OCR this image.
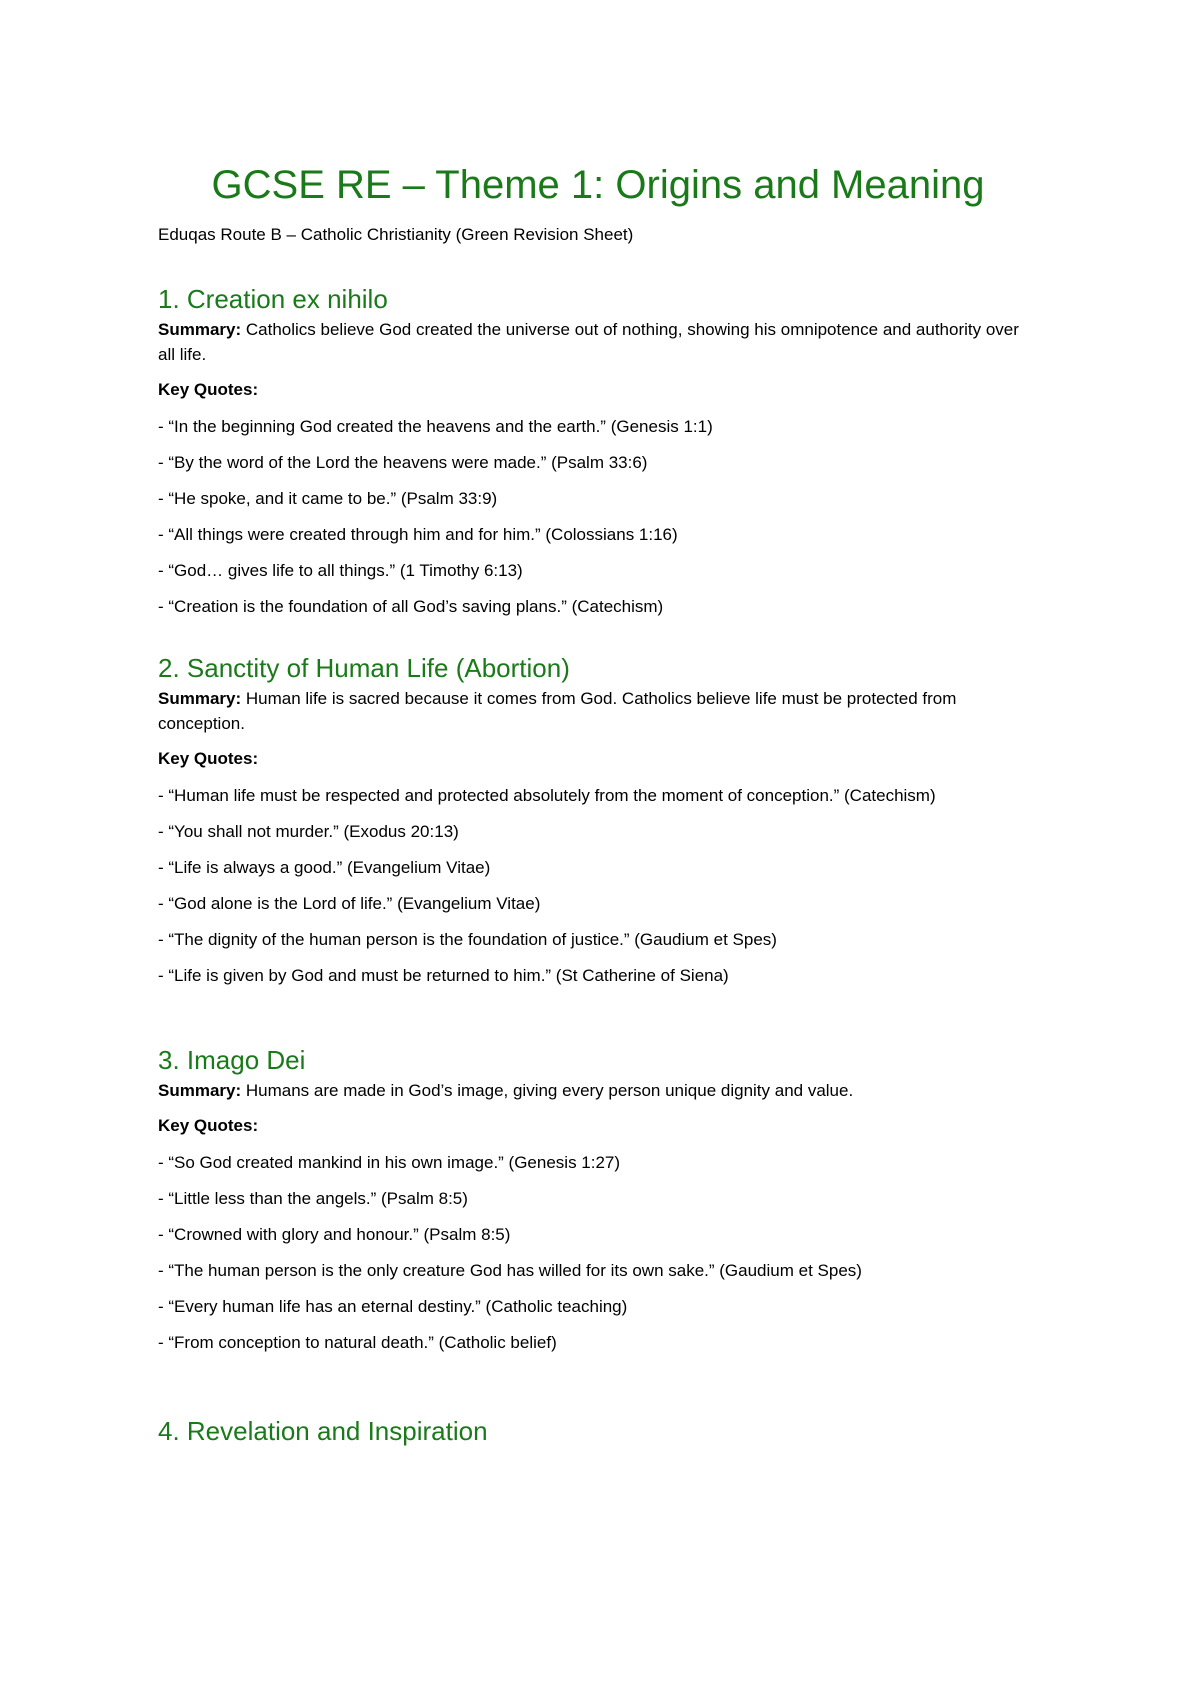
GCSE RE – Theme 1: Origins and Meaning

Eduqas Route B – Catholic Christianity (Green Revision Sheet)

1. Creation ex nihilo

Summary: Catholics believe God created the universe out of nothing, showing his omnipotence and authority over all life.

Key Quotes:

- “In the beginning God created the heavens and the earth.” (Genesis 1:1)

- “By the word of the Lord the heavens were made.” (Psalm 33:6)

- “He spoke, and it came to be.” (Psalm 33:9)

- “All things were created through him and for him.” (Colossians 1:16)

- “God… gives life to all things.” (1 Timothy 6:13)

- “Creation is the foundation of all God’s saving plans.” (Catechism)

2. Sanctity of Human Life (Abortion)

Summary: Human life is sacred because it comes from God. Catholics believe life must be protected from conception.

Key Quotes:

- “Human life must be respected and protected absolutely from the moment of conception.” (Catechism)

- “You shall not murder.” (Exodus 20:13)

- “Life is always a good.” (Evangelium Vitae)

- “God alone is the Lord of life.” (Evangelium Vitae)

- “The dignity of the human person is the foundation of justice.” (Gaudium et Spes)

- “Life is given by God and must be returned to him.” (St Catherine of Siena)

3. Imago Dei

Summary: Humans are made in God’s image, giving every person unique dignity and value.

Key Quotes:

- “So God created mankind in his own image.” (Genesis 1:27)

- “Little less than the angels.” (Psalm 8:5)

- “Crowned with glory and honour.” (Psalm 8:5)

- “The human person is the only creature God has willed for its own sake.” (Gaudium et Spes)

- “Every human life has an eternal destiny.” (Catholic teaching)

- “From conception to natural death.” (Catholic belief)

4. Revelation and Inspiration
